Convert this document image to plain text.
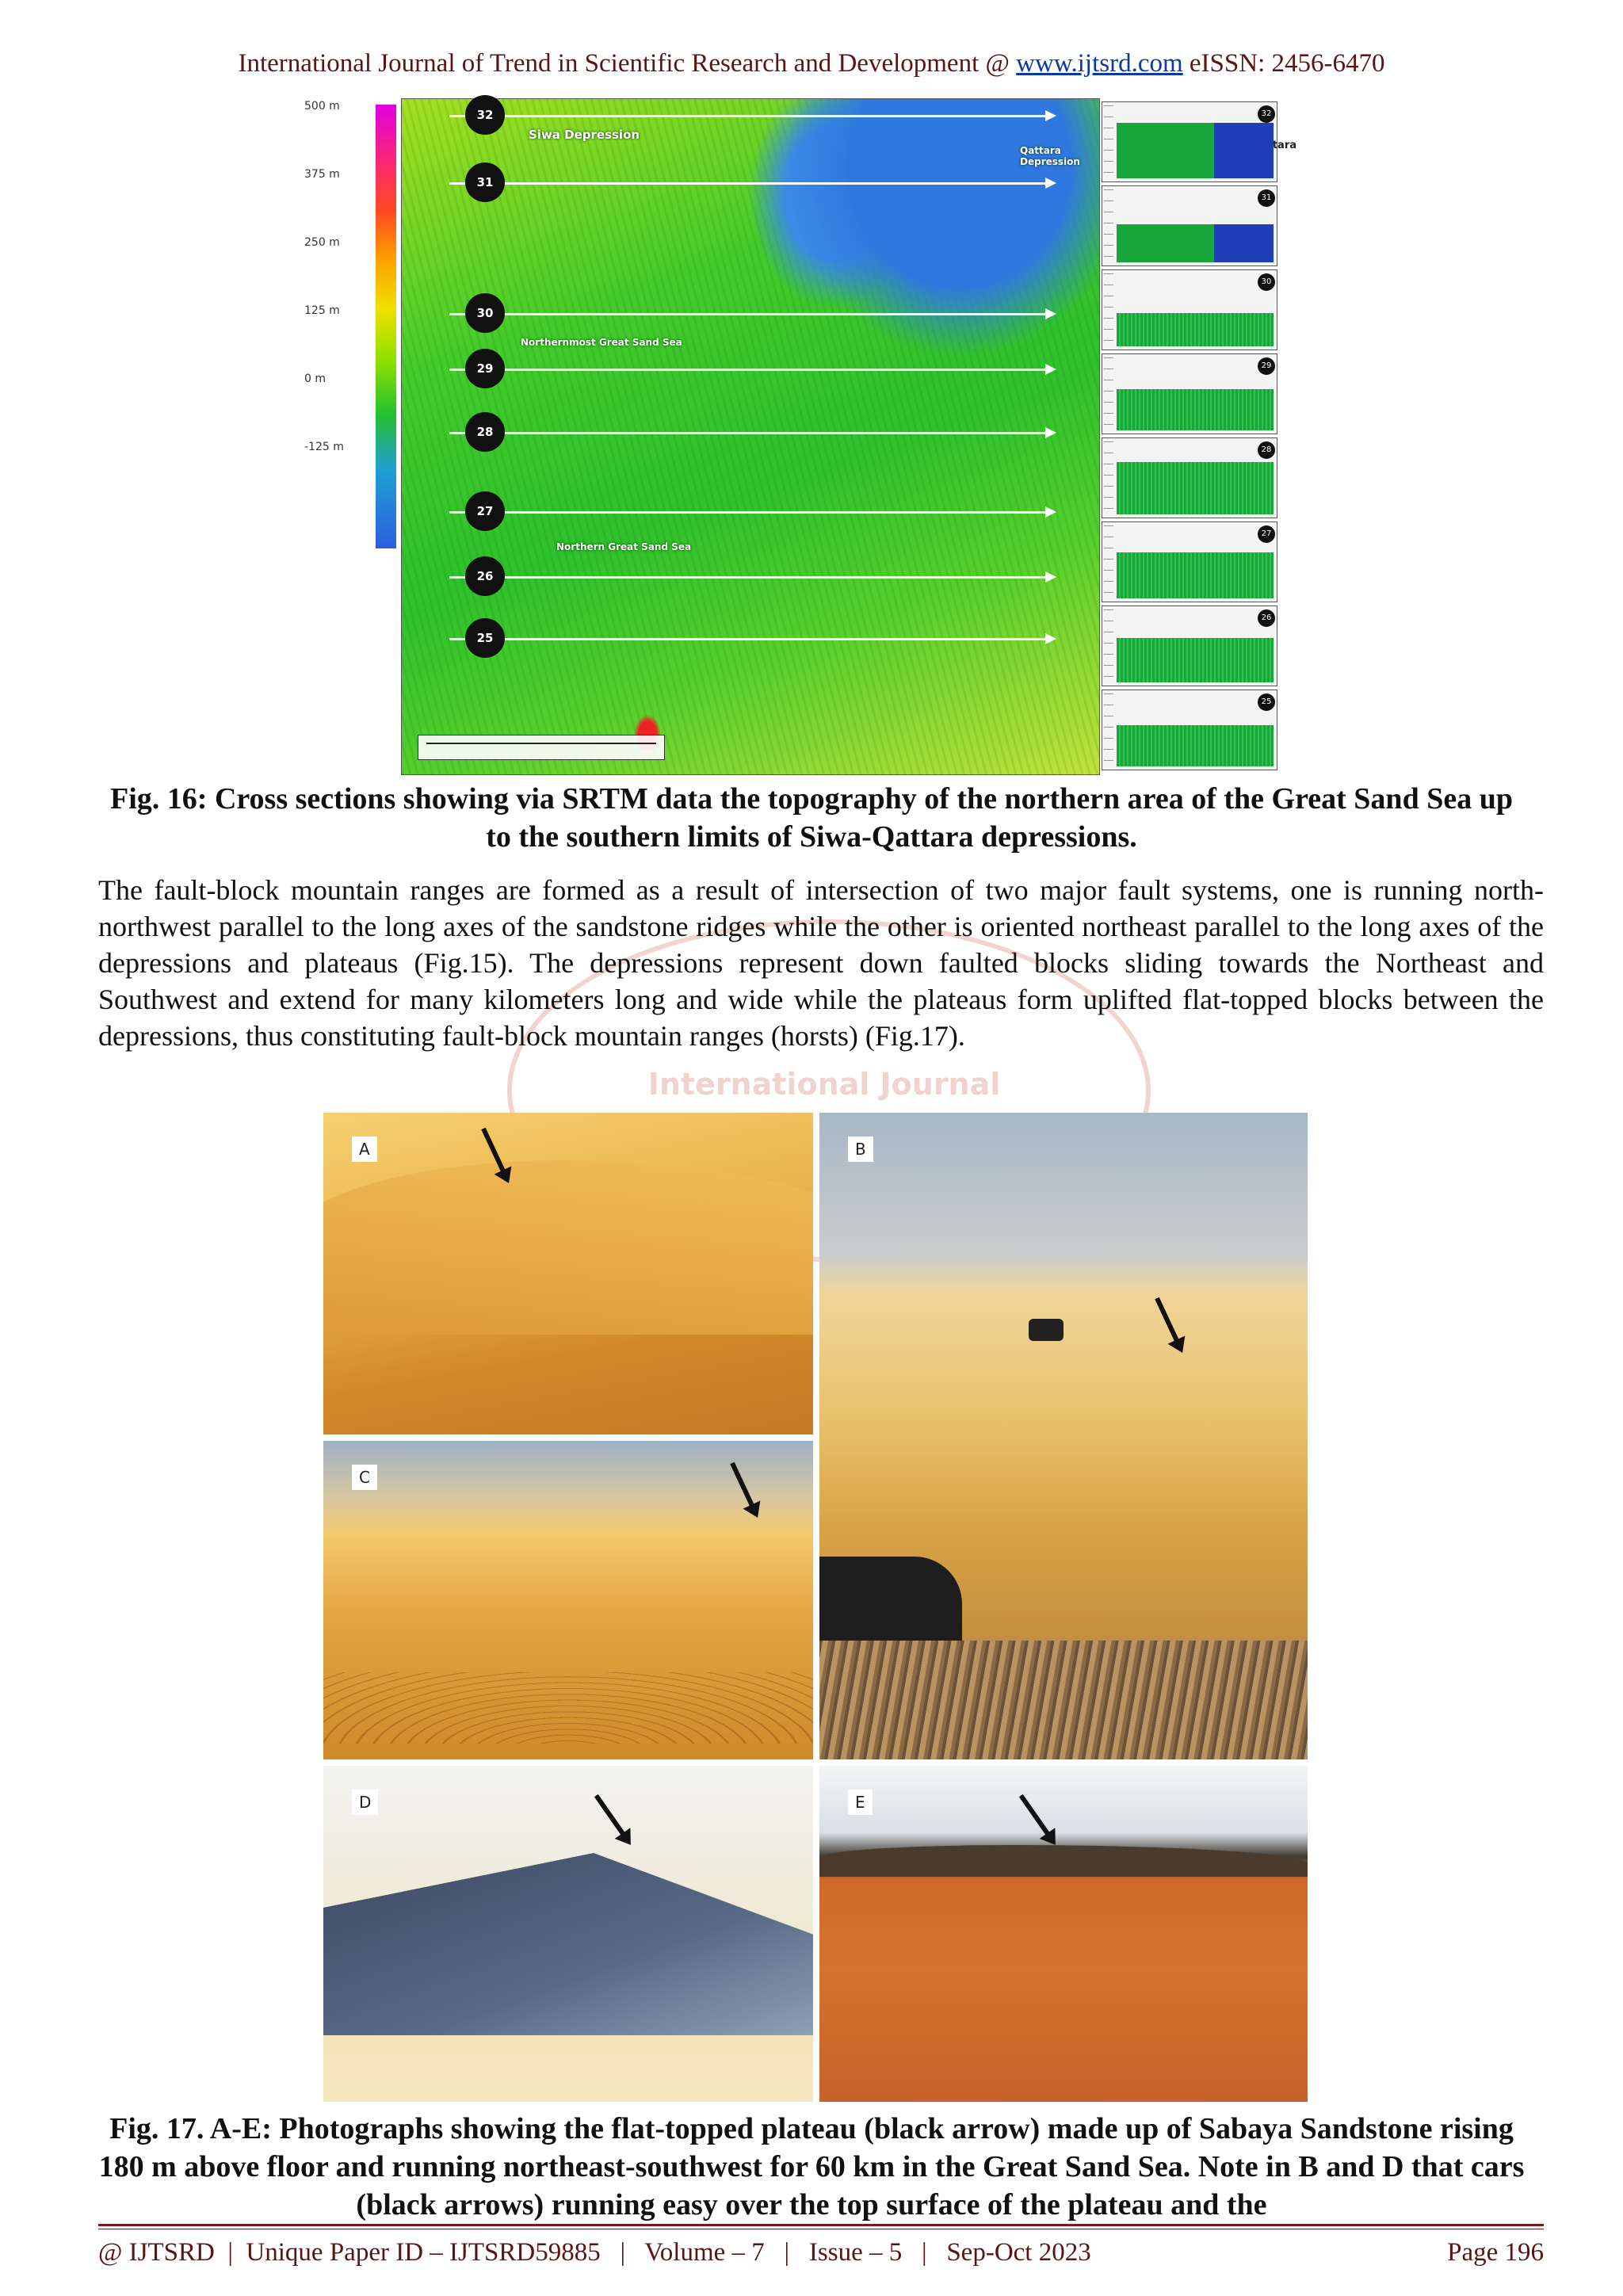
International Journal of Trend in Scientific Research and Development @ www.ijtsrd.com eISSN: 2456-6470
500 m
375 m
250 m
125 m
0 m
-125 m
Siwa Depression
Qattara Depression
Northernmost Great Sand Sea
Northern Great Sand Sea
32
31
30
29
28
27
26
25
32
tara
31
30
29
28
27
26
25
Fig. 16: Cross sections showing via SRTM data the topography of the northern area of the Great Sand Sea up to the southern limits of Siwa-Qattara depressions.
International Journal
The fault-block mountain ranges are formed as a result of intersection of two major fault systems, one is running north-northwest parallel to the long axes of the sandstone ridges while the other is oriented northeast parallel to the long axes of the depressions and plateaus (Fig.15). The depressions represent down faulted blocks sliding towards the Northeast and Southwest and extend for many kilometers long and wide while the plateaus form uplifted flat-topped blocks between the depressions, thus constituting fault-block mountain ranges (horsts) (Fig.17).
A	B
C
D	E
Fig. 17. A-E: Photographs showing the flat-topped plateau (black arrow) made up of Sabaya Sandstone rising 180 m above floor and running northeast-southwest for 60 km in the Great Sand Sea. Note in B and D that cars (black arrows) running easy over the top surface of the plateau and the
@ IJTSRD  |  Unique Paper ID – IJTSRD59885   |   Volume – 7   |   Issue – 5   |   Sep-Oct 2023	Page 196
